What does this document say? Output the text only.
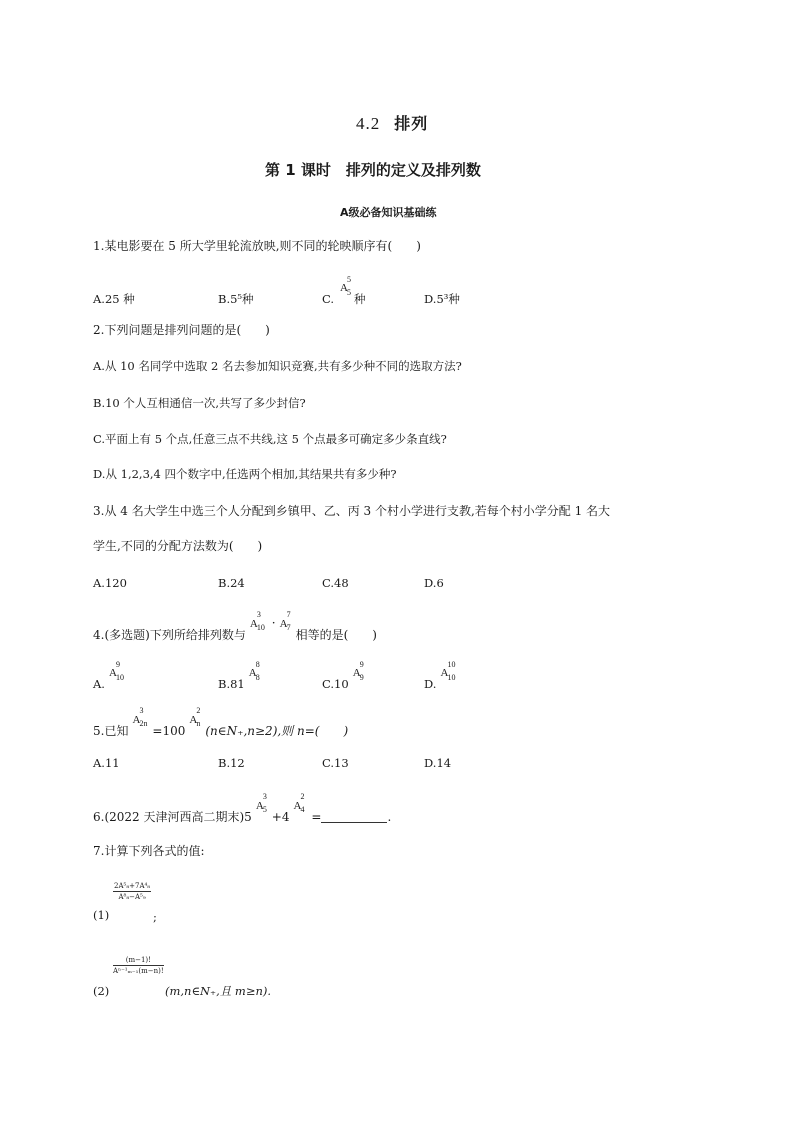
4.2 排列
第 1 课时　排列的定义及排列数
A级必备知识基础练
1.某电影要在 5 所大学里轮流放映,则不同的轮映顺序有(　　)
A.25 种	B.5⁵种	C.A
5
5 种	D.5³种
2.下列问题是排列问题的是(　　)
A.从 10 名同学中选取 2 名去参加知识竞赛,共有多少种不同的选取方法?
B.10 个人互相通信一次,共写了多少封信?
C.平面上有 5 个点,任意三点不共线,这 5 个点最多可确定多少条直线?
D.从 1,2,3,4 四个数字中,任选两个相加,其结果共有多少种?
3.从 4 名大学生中选三个人分配到乡镇甲、乙、丙 3 个村小学进行支教,若每个村小学分配 1 名大
学生,不同的分配方法数为(　　)
A.120	B.24	C.48	D.6
4.(多选题)下列所给排列数与A
3
10 · A
7
7
相等的是(　　)
A.A
9
10	B.81A
8
8	C.10A
9
9	D.A
10
10
5.已知A
3
2n
=100A
2
n
(n∈N₊,n≥2),则 n=(　　)
A.11	B.12	C.13	D.14
6.(2022 天津河西高二期末)5A
3
5
+4A
2
4
=	.
7.计算下列各式的值:
$\frac{\text{2A⁵₈+7A⁴₈}}{\text{A⁸₈−A⁵₉}}$
(1)	;
$\frac{(m-1)!}{\text{Aⁿ⁻¹ₘ₋₁(m−n)!}}$
(2)	(m,n∈N₊,且 m≥n).
